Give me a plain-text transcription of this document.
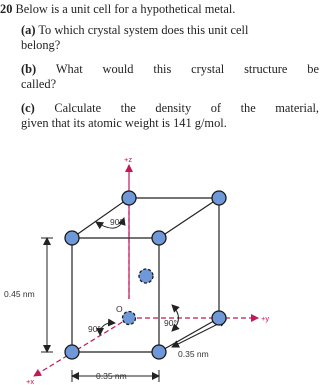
20 Below is a unit cell for a hypothetical metal.
(a) To which crystal system does this unit cell
belong?
(b) What would this crystal structure be
called?
(c) Calculate the density of the material,
given that its atomic weight is 141 g/mol.
+z
+y
+x
O
90°
90°
90°
0.45 nm
0.35 nm
0.35 nm
